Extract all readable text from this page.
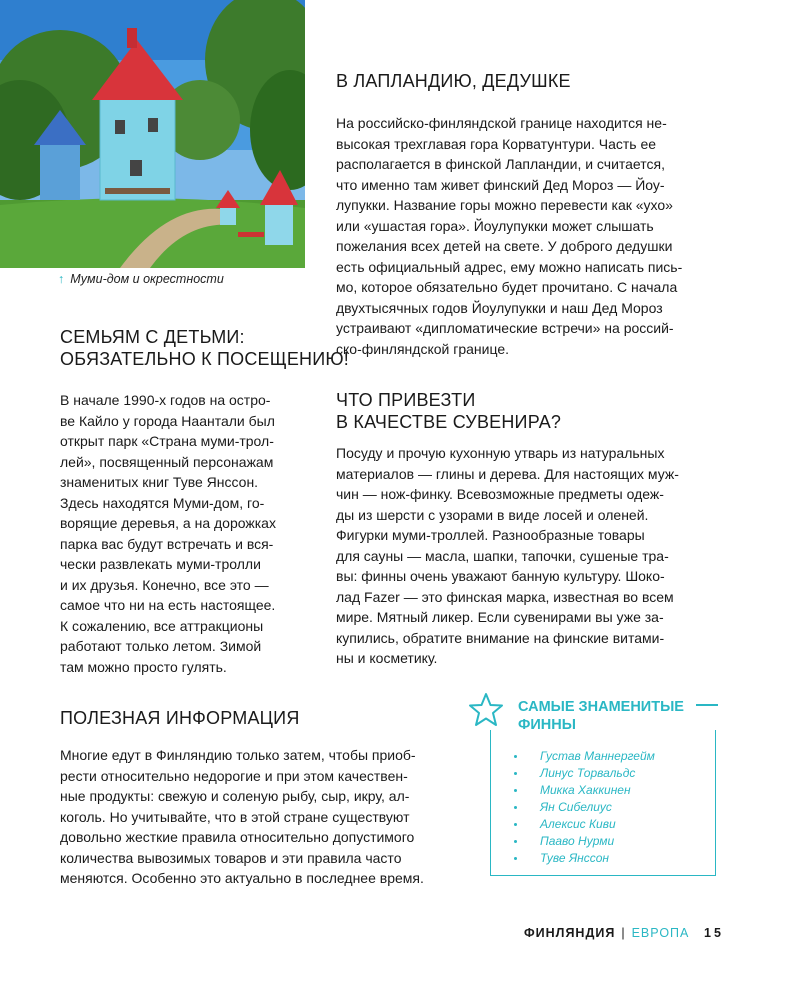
↑ Муми-дом и окрестности
В ЛАПЛАНДИЮ, ДЕДУШКЕ
На российско-финляндской границе находится не-
высокая трехглавая гора Корватунтури. Часть ее
располагается в финской Лапландии, и считается,
что именно там живет финский Дед Мороз — Йоу-
лупукки. Название горы можно перевести как «ухо»
или «ушастая гора». Йоулупукки может слышать
пожелания всех детей на свете. У доброго дедушки
есть официальный адрес, ему можно написать пись-
мо, которое обязательно будет прочитано. С начала
двухтысячных годов Йоулупукки и наш Дед Мороз
устраивают «дипломатические встречи» на россий-
ско-финляндской границе.
СЕМЬЯМ С ДЕТЬМИ:
ОБЯЗАТЕЛЬНО К ПОСЕЩЕНИЮ!
В начале 1990-х годов на остро-
ве Кайло у города Наантали был
открыт парк «Страна муми-трол-
лей», посвященный персонажам
знаменитых книг Туве Янссон.
Здесь находятся Муми-дом, го-
ворящие деревья, а на дорожках
парка вас будут встречать и вся-
чески развлекать муми-тролли
и их друзья. Конечно, все это —
самое что ни на есть настоящее.
К сожалению, все аттракционы
работают только летом. Зимой
там можно просто гулять.
ЧТО ПРИВЕЗТИ
В КАЧЕСТВЕ СУВЕНИРА?
Посуду и прочую кухонную утварь из натуральных
материалов — глины и дерева. Для настоящих муж-
чин — нож-финку. Всевозможные предметы одеж-
ды из шерсти с узорами в виде лосей и оленей.
Фигурки муми-троллей. Разнообразные товары
для сауны — масла, шапки, тапочки, сушеные тра-
вы: финны очень уважают банную культуру. Шоко-
лад Fazer — это финская марка, известная во всем
мире. Мятный ликер. Если сувенирами вы уже за-
купились, обратите внимание на финские витами-
ны и косметику.
ПОЛЕЗНАЯ ИНФОРМАЦИЯ
Многие едут в Финляндию только затем, чтобы приоб-
рести относительно недорогие и при этом качествен-
ные продукты: свежую и соленую рыбу, сыр, икру, ал-
коголь. Но учитывайте, что в этой стране существуют
довольно жесткие правила относительно допустимого
количества вывозимых товаров и эти правила часто
меняются. Особенно это актуально в последнее время.
САМЫЕ ЗНАМЕНИТЫЕ
ФИННЫ
Густав Маннергейм
Линус Торвальдс
Микка Хаккинен
Ян Сибелиус
Алексис Киви
Пааво Нурми
Туве Янссон
ФИНЛЯНДИЯ | ЕВРОПА 15
